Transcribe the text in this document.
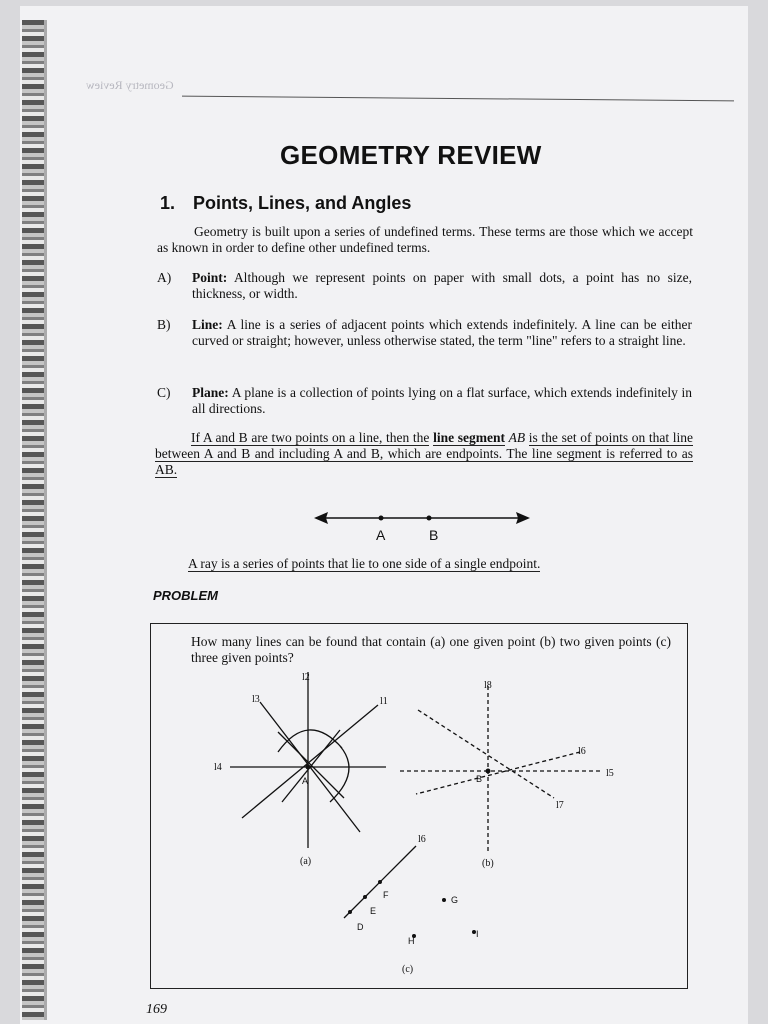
Geometry Review
GEOMETRY REVIEW
1. Points, Lines, and Angles
Geometry is built upon a series of undefined terms. These terms are those which we accept as known in order to define other undefined terms.
A) Point: Although we represent points on paper with small dots, a point has no size, thickness, or width.
B) Line: A line is a series of adjacent points which extends indefinitely. A line can be either curved or straight; however, unless otherwise stated, the term "line" refers to a straight line.
C) Plane: A plane is a collection of points lying on a flat surface, which extends indefinitely in all directions.
If A and B are two points on a line, then the line segment AB is the set of points on that line between A and B and including A and B, which are endpoints. The line segment is referred to as AB.
A	B
A ray is a series of points that lie to one side of a single endpoint.
PROBLEM
How many lines can be found that contain (a) one given point (b) two given points (c) three given points?
A
l1
l2
l3
l4
(a)
B	l5
l6
l7
l8
(b)
D
E
F	G
H
I
l6
(c)
169
